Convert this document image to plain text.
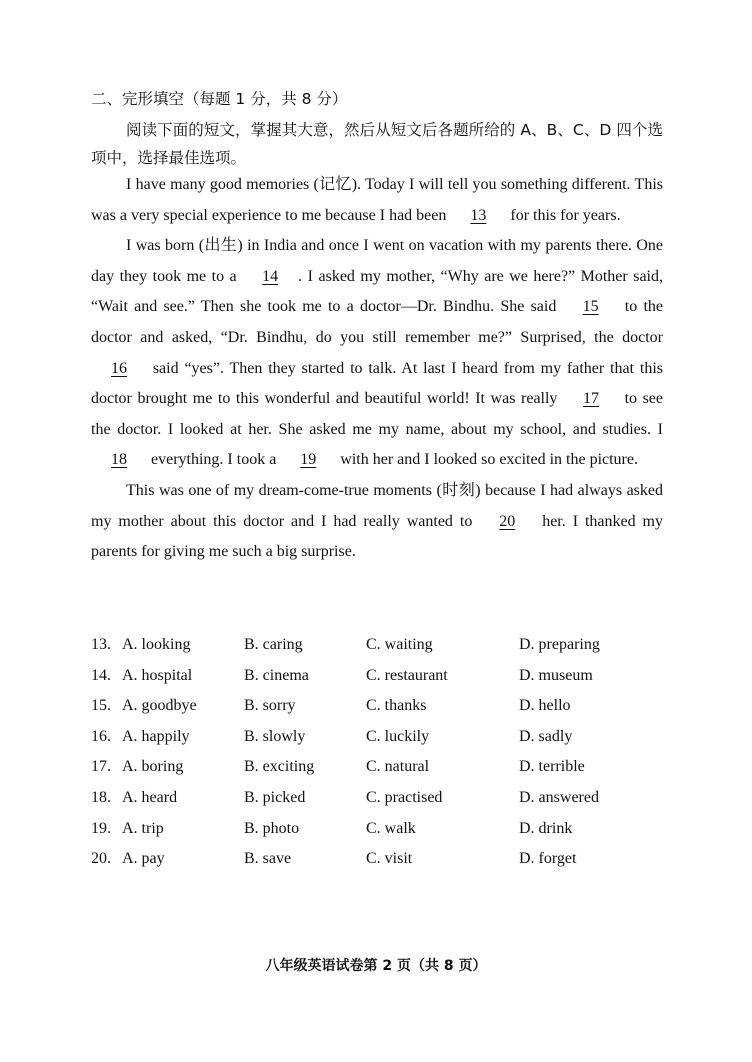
二、完形填空（每题 1 分，共 8 分）
阅读下面的短文，掌握其大意，然后从短文后各题所给的 A、B、C、D 四个选项中，选择最佳选项。

I have many good memories (记忆). Today I will tell you something different. This was a very special experience to me because I had been 13 for this for years.

I was born (出生) in India and once I went on vacation with my parents there. One day they took me to a 14 . I asked my mother, “Why are we here?” Mother said, “Wait and see.” Then she took me to a doctor—Dr. Bindhu. She said 15 to the doctor and asked, “Dr. Bindhu, do you still remember me?” Surprised, the doctor 16 said “yes”. Then they started to talk. At last I heard from my father that this doctor brought me to this wonderful and beautiful world! It was really 17 to see the doctor. I looked at her. She asked me my name, about my school, and studies. I 18 everything. I took a 19 with her and I looked so excited in the picture.

This was one of my dream-come-true moments (时刻) because I had always asked my mother about this doctor and I had really wanted to 20 her. I thanked my parents for giving me such a big surprise.

13. A. looking	B. caring	C. waiting	D. preparing
14. A. hospital	B. cinema	C. restaurant	D. museum
15. A. goodbye	B. sorry	C. thanks	D. hello
16. A. happily	B. slowly	C. luckily	D. sadly
17. A. boring	B. exciting	C. natural	D. terrible
18. A. heard	B. picked	C. practised	D. answered
19. A. trip	B. photo	C. walk	D. drink
20. A. pay	B. save	C. visit	D. forget
八年级英语试卷第 2 页（共 8 页）
